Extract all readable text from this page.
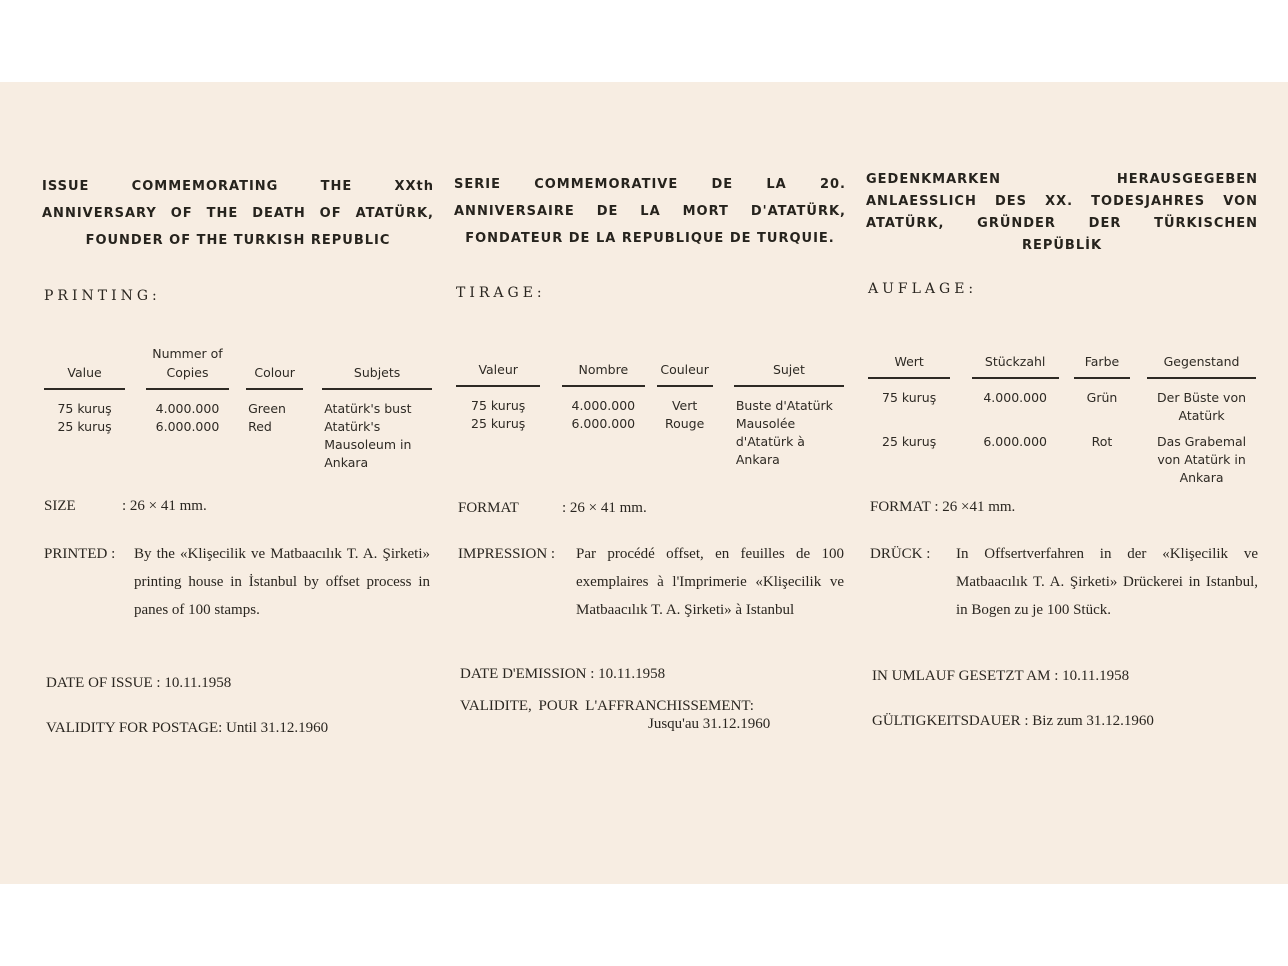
ISSUE COMMEMORATING THE XXth ANNIVERSARY OF THE DEATH OF ATATÜRK, FOUNDER OF THE TURKISH REPUBLIC
PRINTING:
Value		Nummer of Copies		Colour		Subjets
75 kuruş		4.000.000		Green		Atatürk's bust
25 kuruş		6.000.000		Red		Atatürk's Mausoleum in Ankara
SIZE	: 26 × 41 mm.
PRINTED : By the «Klişecilik ve Matbaacılık T. A. Şirketi» printing house in İstanbul by offset process in panes of 100 stamps.
DATE OF ISSUE : 10.11.1958
VALIDITY FOR POSTAGE: Until 31.12.1960
SERIE COMMEMORATIVE DE LA 20. ANNIVERSAIRE DE LA MORT D'ATATÜRK, FONDATEUR DE LA REPUBLIQUE DE TURQUIE.
TIRAGE:
Valeur		Nombre		Couleur		Sujet
75 kuruş		4.000.000		Vert		Buste d'Atatürk
25 kuruş		6.000.000		Rouge		Mausolée d'Atatürk à Ankara
FORMAT	: 26 × 41 mm.
IMPRESSION : Par procédé offset, en feuilles de 100 exemplaires à l'Imprimerie «Klişecilik ve Matbaacılık T. A. Şirketi» à Istanbul
DATE D'EMISSION : 10.11.1958
VALIDITE, POUR L'AFFRANCHISSEMENT:
Jusqu'au 31.12.1960
GEDENKMARKEN HERAUSGEGEBEN ANLAESSLICH DES XX. TODESJAHRES VON ATATÜRK, GRÜNDER DER TÜRKISCHEN REPÜBLİK
AUFLAGE:
Wert		Stückzahl		Farbe		Gegenstand
75 kuruş		4.000.000		Grün		Der Büste von Atatürk
25 kuruş		6.000.000		Rot		Das Grabemal von Atatürk in Ankara
FORMAT : 26 ×41 mm.
DRÜCK : In Offsertverfahren in der «Klişecilik ve Matbaacılık T. A. Şirketi» Drückerei in Istanbul, in Bogen zu je 100 Stück.
IN UMLAUF GESETZT AM : 10.11.1958
GÜLTIGKEITSDAUER : Biz zum 31.12.1960
